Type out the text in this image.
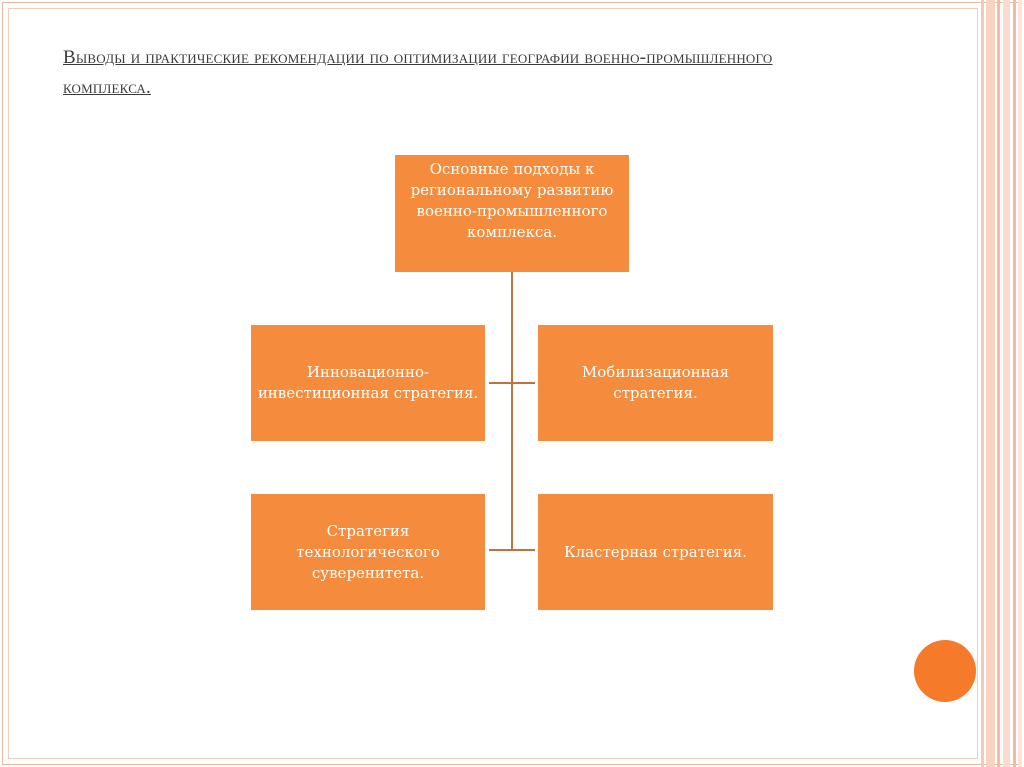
Выводы и практические рекомендации по оптимизации географии военно-промышленного комплекса.
Основные подходы к региональному развитию военно-промышленного комплекса.
Инновационно-инвестиционная стратегия.
Мобилизационная стратегия.
Стратегия технологического суверенитета.
Кластерная стратегия.
